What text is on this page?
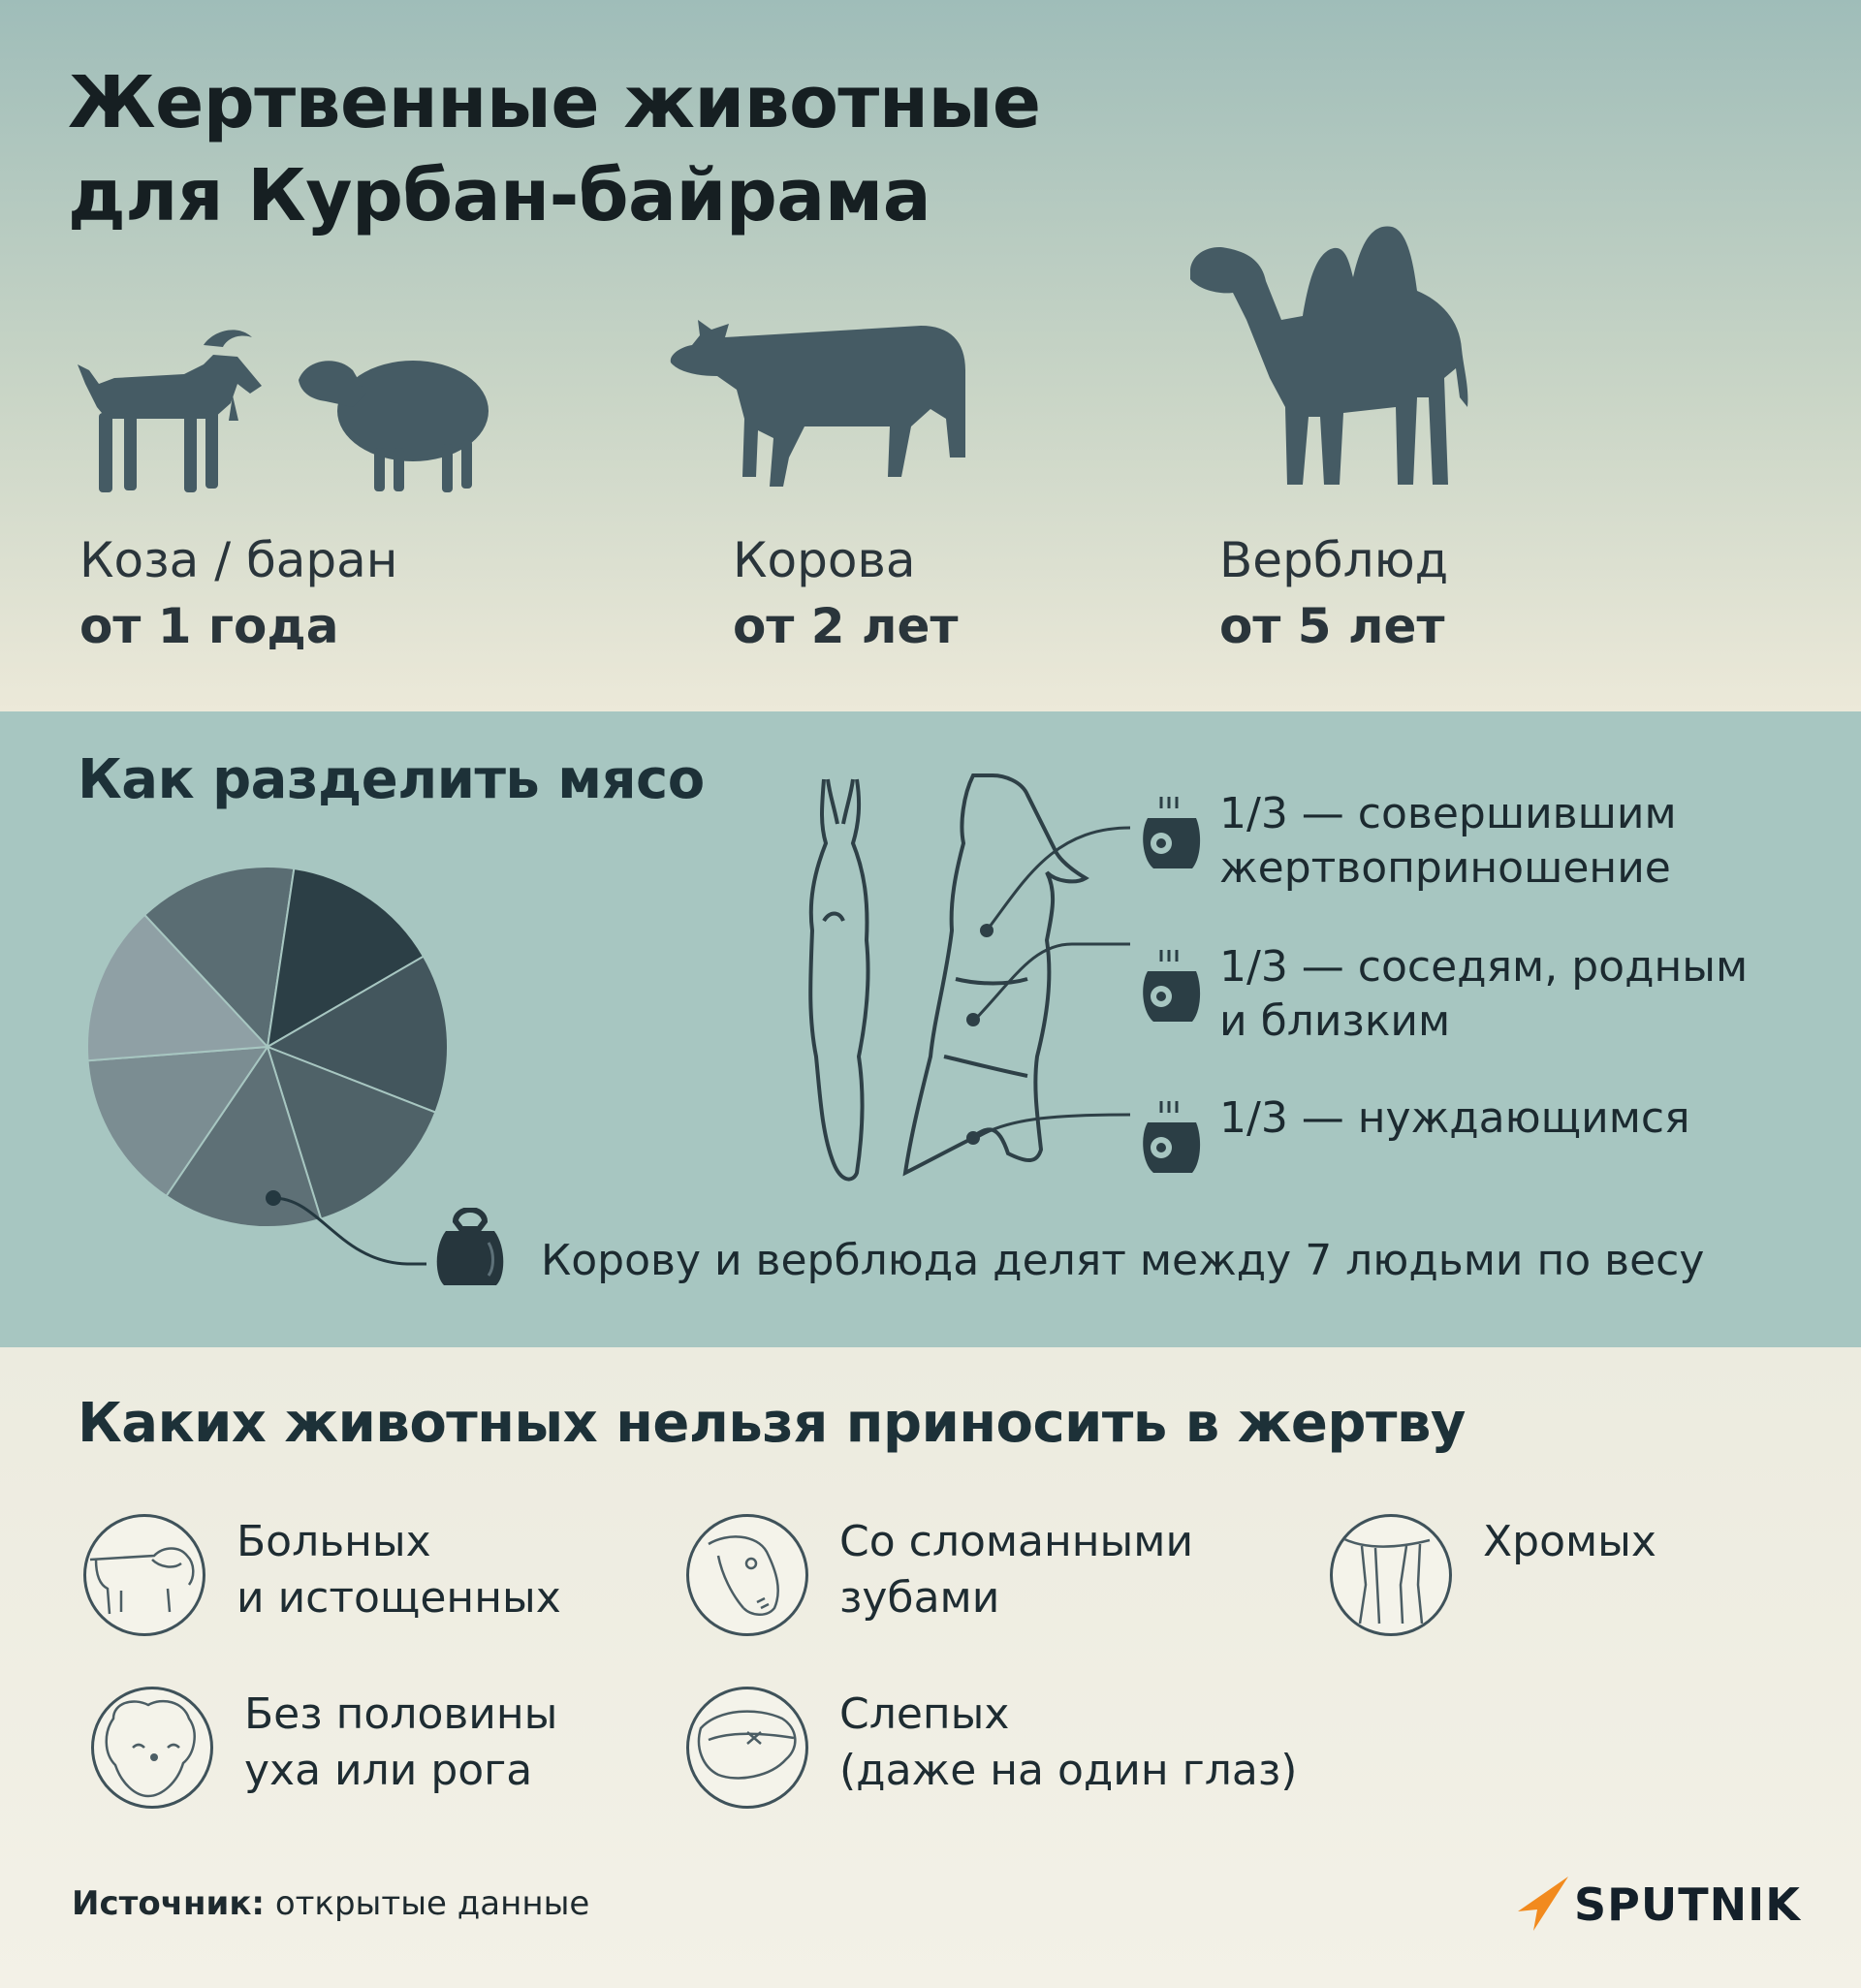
Жертвенные животные
для Курбан-байрама
Коза / баран
от 1 года
Корова
от 2 лет
Верблюд
от 5 лет
Как разделить мясо
Корову и верблюда делят между 7 людьми по весу
1/3 — совершившим
жертвоприношение
1/3 — соседям, родным
и близким
1/3 — нуждающимся
Каких животных нельзя приносить в жертву
Больных
и истощенных
Со сломанными
зубами
Хромых
Без половины
уха или рога
Слепых
(даже на один глаз)
Источник: открытые данные	SPUTNIK
